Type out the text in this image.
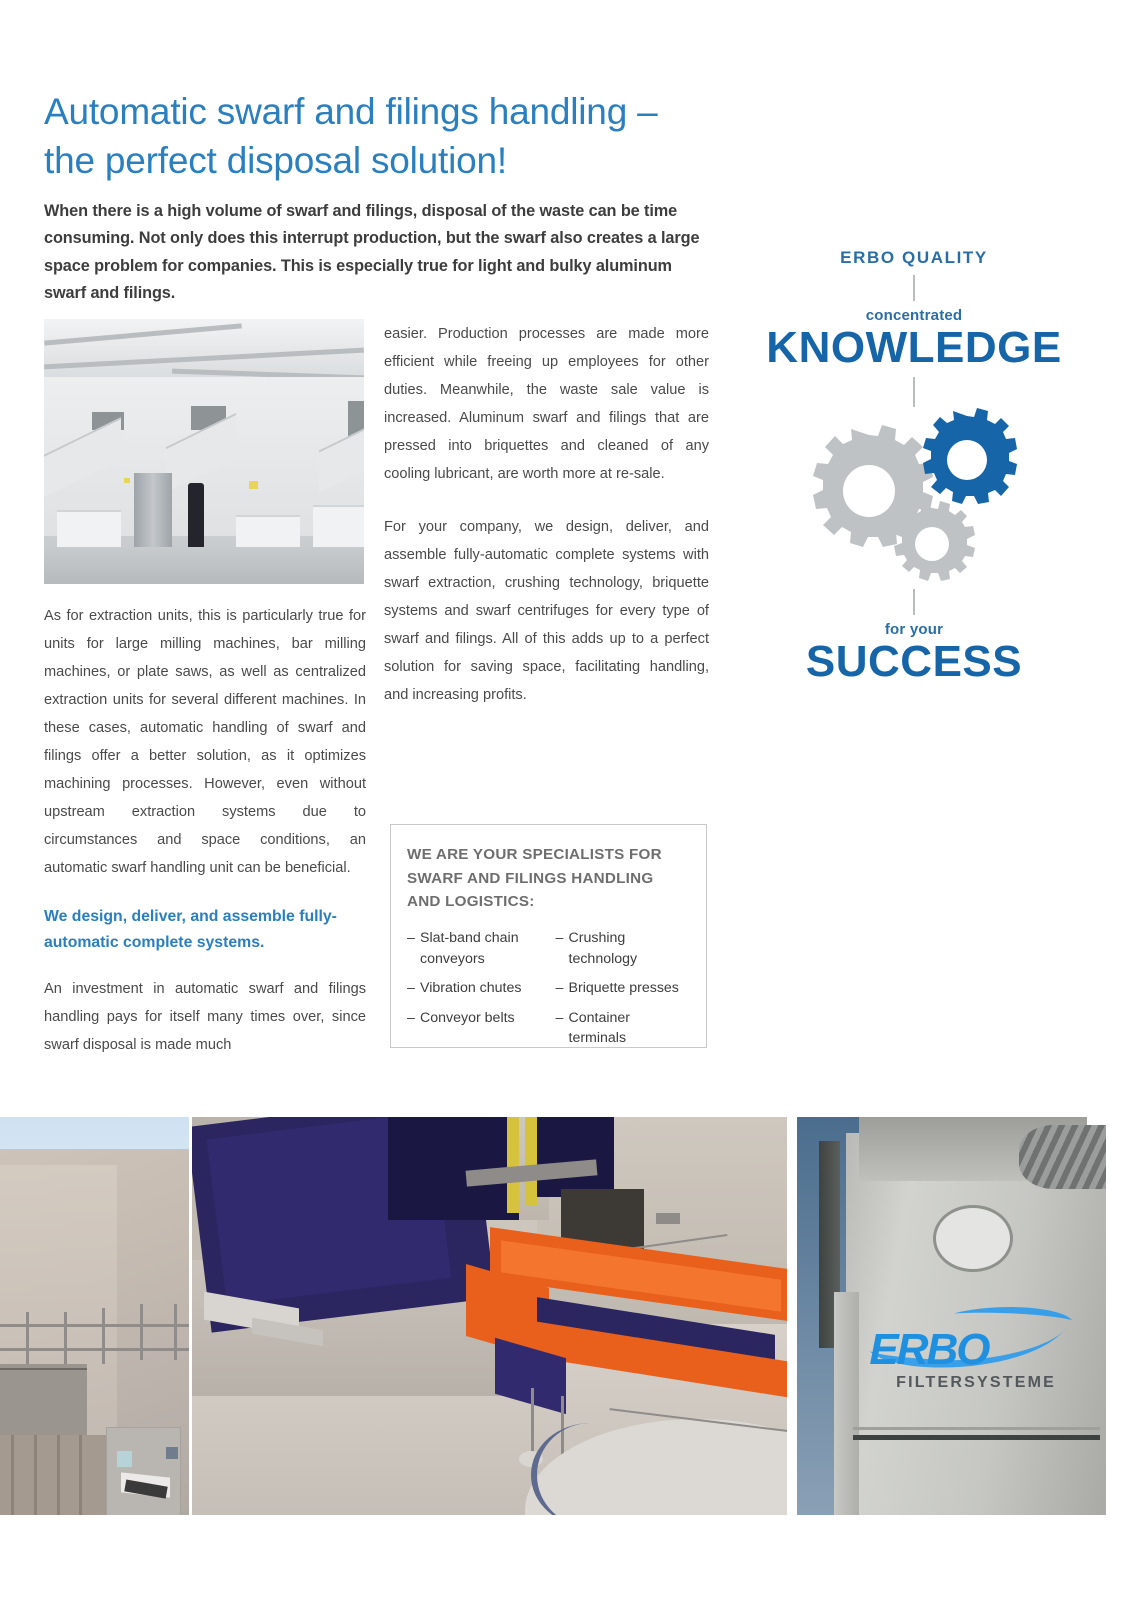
Automatic swarf and filings handling –
the perfect disposal solution!

When there is a high volume of swarf and filings, disposal of the waste can be time consuming. Not only does this interrupt production, but the swarf also creates a large space problem for companies. This is especially true for light and bulky aluminum swarf and filings.

As for extraction units, this is particularly true for units for large milling machines, bar milling machines, or plate saws, as well as centralized extraction units for several different machines. In these cases, automatic handling of swarf and filings offer a better solution, as it optimizes machining processes. However, even without upstream extraction systems due to circumstances and space conditions, an automatic swarf handling unit can be beneficial.

We design, deliver, and assemble fully-automatic complete systems.

An investment in automatic swarf and filings handling pays for itself many times over, since swarf disposal is made much

easier. Production processes are made more efficient while freeing up employees for other duties. Meanwhile, the waste sale value is increased. Aluminum swarf and filings that are pressed into briquettes and cleaned of any cooling lubricant, are worth more at re-sale.

For your company, we design, deliver, and assemble fully-automatic complete systems with swarf extraction, crushing technology, briquette systems and swarf centrifuges for every type of swarf and filings. All of this adds up to a perfect solution for saving space, facilitating handling, and increasing profits.

WE ARE YOUR SPECIALISTS FOR SWARF AND FILINGS HANDLING AND LOGISTICS:
– Slat-band chain conveyors
– Vibration chutes
– Conveyor belts
– Crushing technology
– Briquette presses
– Container terminals
ERBO QUALITY
concentrated
KNOWLEDGE
for your
SUCCESS
ERBO
FILTERSYSTEME
